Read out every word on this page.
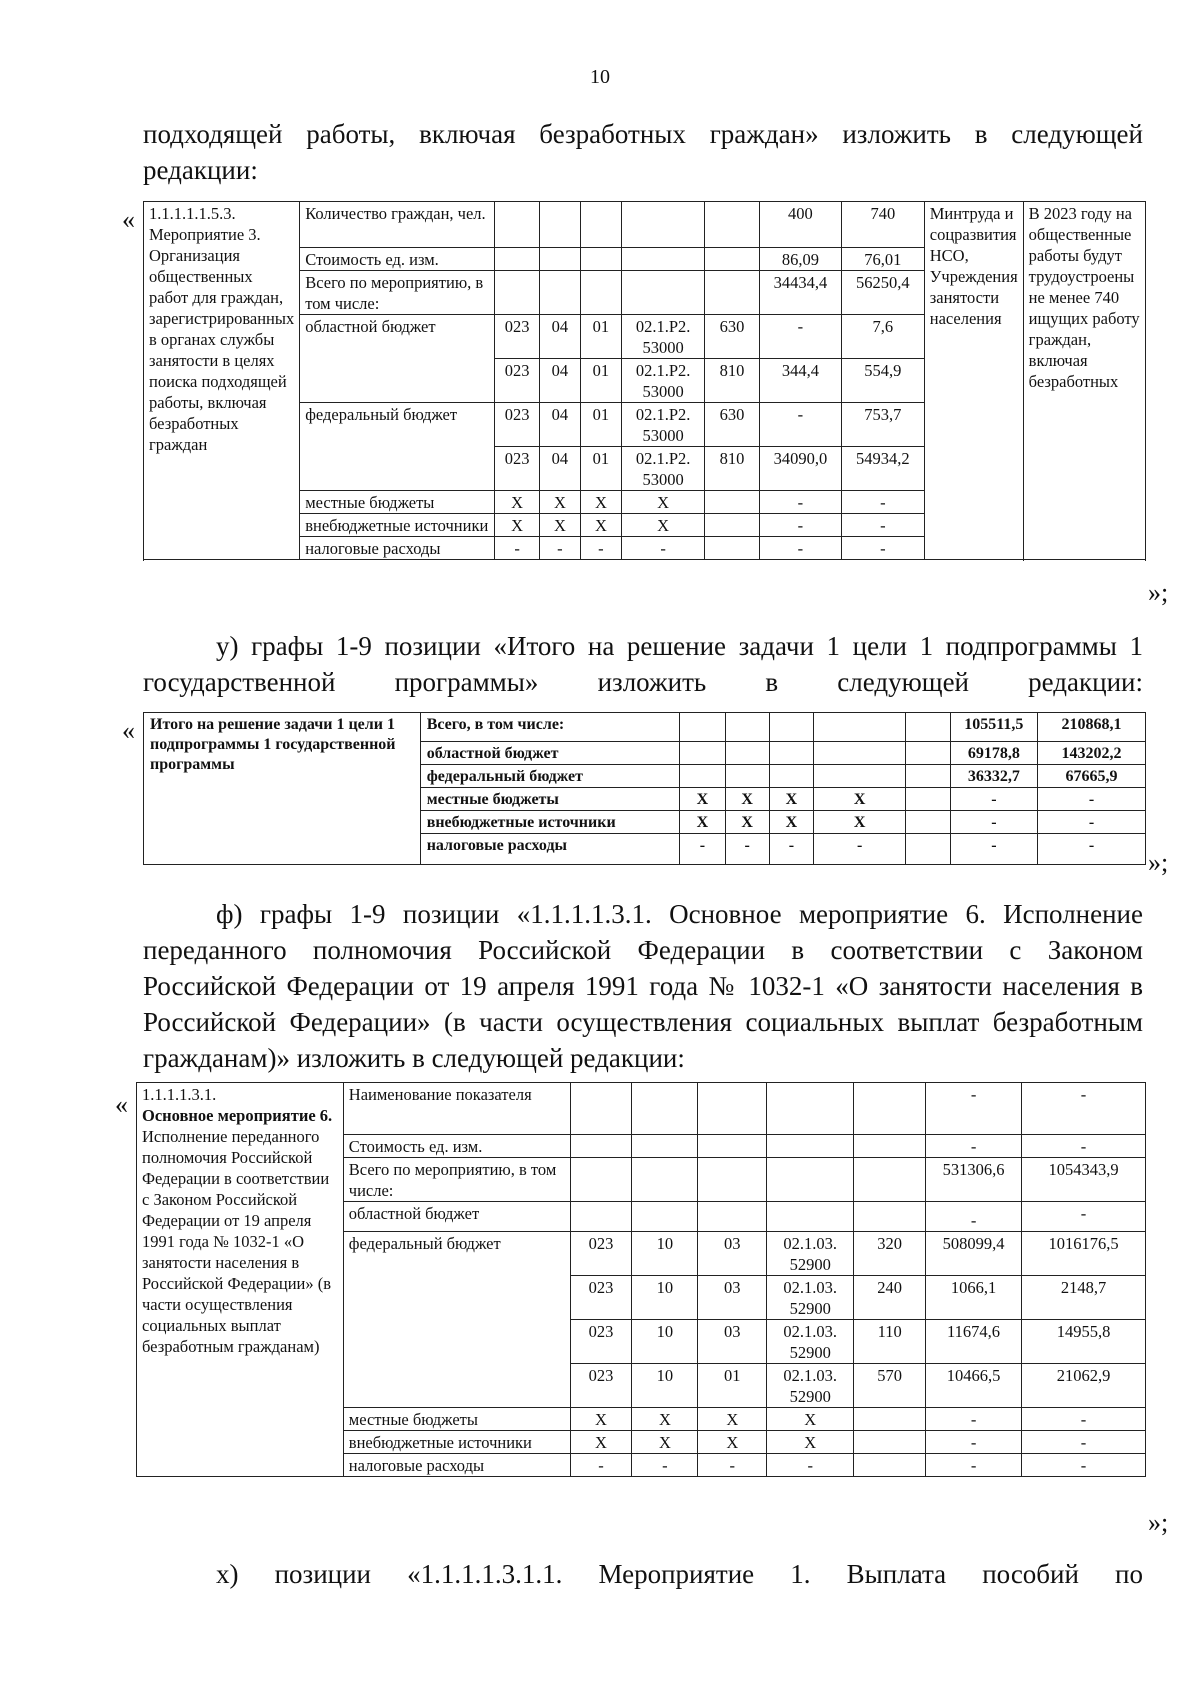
10
подходящей работы, включая безработных граждан» изложить в следующей редакции:
« 1.1.1.1.1.5.3. Мероприятие 3. Организация общественных работ для граждан, зарегистрированных в органах службы занятости в целях поиска подходящей работы, включая безработных граждан	Количество граждан, чел.						400	740	Минтруда и соцразвития НСО, Учреждения занятости населения	В 2023 году на общественные работы будут трудоустроены не менее 740 ищущих работу граждан, включая безработных
	Стоимость ед. изм.						86,09	76,01		
	Всего по мероприятию, в том числе:						34434,4	56250,4		
	областной бюджет	023	04	01	02.1.Р2. 53000	630	-	7,6		
		023	04	01	02.1.Р2. 53000	810	344,4	554,9		
	федеральный бюджет	023	04	01	02.1.Р2. 53000	630	-	753,7		
		023	04	01	02.1.Р2. 53000	810	34090,0	54934,2		
	местные бюджеты	Х	Х	Х	Х		-	-		
	внебюджетные источники	Х	Х	Х	Х		-	-		
	налоговые расходы	-	-	-	-		-	-		

»;
у) графы 1-9 позиции «Итого на решение задачи 1 цели 1 подпрограммы 1 государственной программы» изложить в следующей редакции:
« Итого на решение задачи 1 цели 1 подпрограммы 1 государственной программы	Всего, в том числе:						105511,5	210868,1
	областной бюджет						69178,8	143202,2
	федеральный бюджет						36332,7	67665,9
	местные бюджеты	Х	Х	Х	Х		-	-
	внебюджетные источники	Х	Х	Х	Х		-	-
	налоговые расходы	-	-	-	-		-	-
»;
ф) графы 1-9 позиции «1.1.1.1.3.1. Основное мероприятие 6. Исполнение переданного полномочия Российской Федерации в соответствии с Законом Российской Федерации от 19 апреля 1991 года № 1032-1 «О занятости населения в Российской Федерации» (в части осуществления социальных выплат безработным гражданам)» изложить в следующей редакции:
« 1.1.1.1.3.1.
Основное мероприятие 6.
Исполнение переданного полномочия Российской Федерации в соответствии с Законом Российской Федерации от 19 апреля 1991 года № 1032-1 «О занятости населения в Российской Федерации» (в части осуществления социальных выплат безработным гражданам)	Наименование показателя						-	-
	Стоимость ед. изм.						-	-
	Всего по мероприятию, в том числе:						531306,6	1054343,9
	областной бюджет						-	-
	федеральный бюджет	023	10	03	02.1.03. 52900	320	508099,4	1016176,5
		023	10	03	02.1.03. 52900	240	1066,1	2148,7
		023	10	03	02.1.03. 52900	110	11674,6	14955,8
		023	10	01	02.1.03. 52900	570	10466,5	21062,9
	местные бюджеты	Х	Х	Х	Х		-	-
	внебюджетные источники	Х	Х	Х	Х		-	-
	налоговые расходы	-	-	-	-		-	-
»;
х) позиции «1.1.1.1.3.1.1. Мероприятие 1. Выплата пособий по
